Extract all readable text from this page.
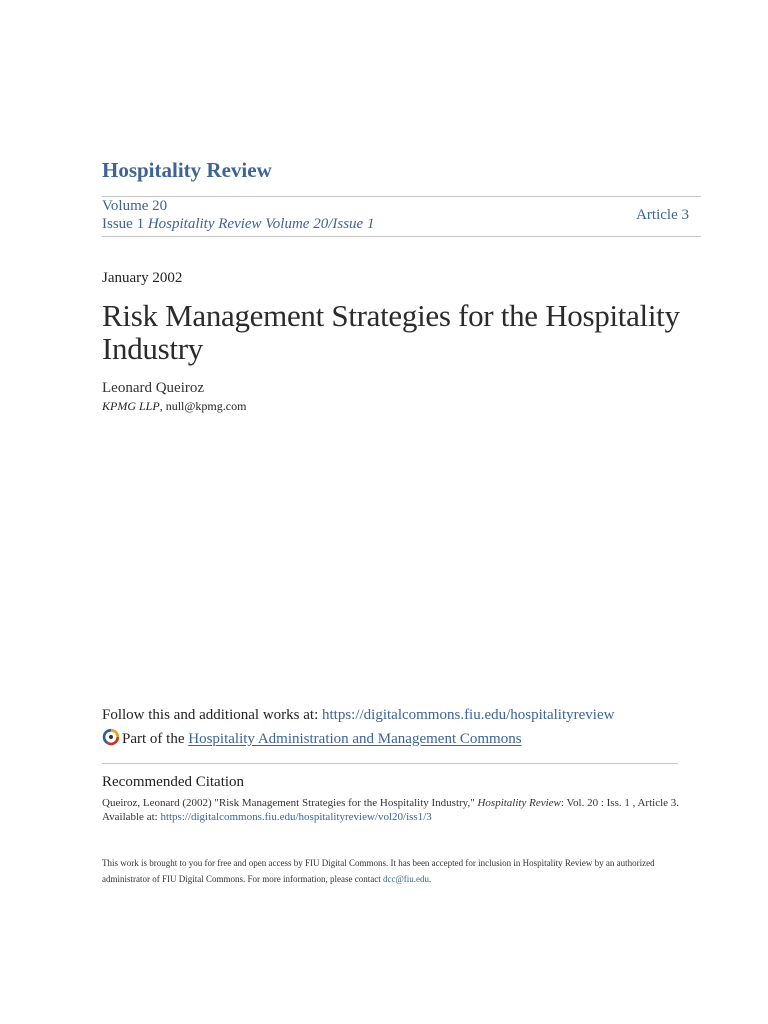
Hospitality Review
Volume 20
Issue 1 Hospitality Review Volume 20/Issue 1
Article 3
January 2002
Risk Management Strategies for the Hospitality Industry
Leonard Queiroz
KPMG LLP, null@kpmg.com
Follow this and additional works at: https://digitalcommons.fiu.edu/hospitalityreview
Part of the
Hospitality Administration and Management Commons
Recommended Citation
Queiroz, Leonard (2002) "Risk Management Strategies for the Hospitality Industry," Hospitality Review: Vol. 20 : Iss. 1 , Article 3.
Available at: https://digitalcommons.fiu.edu/hospitalityreview/vol20/iss1/3
This work is brought to you for free and open access by FIU Digital Commons. It has been accepted for inclusion in Hospitality Review by an authorized administrator of FIU Digital Commons. For more information, please contact dcc@fiu.edu.
